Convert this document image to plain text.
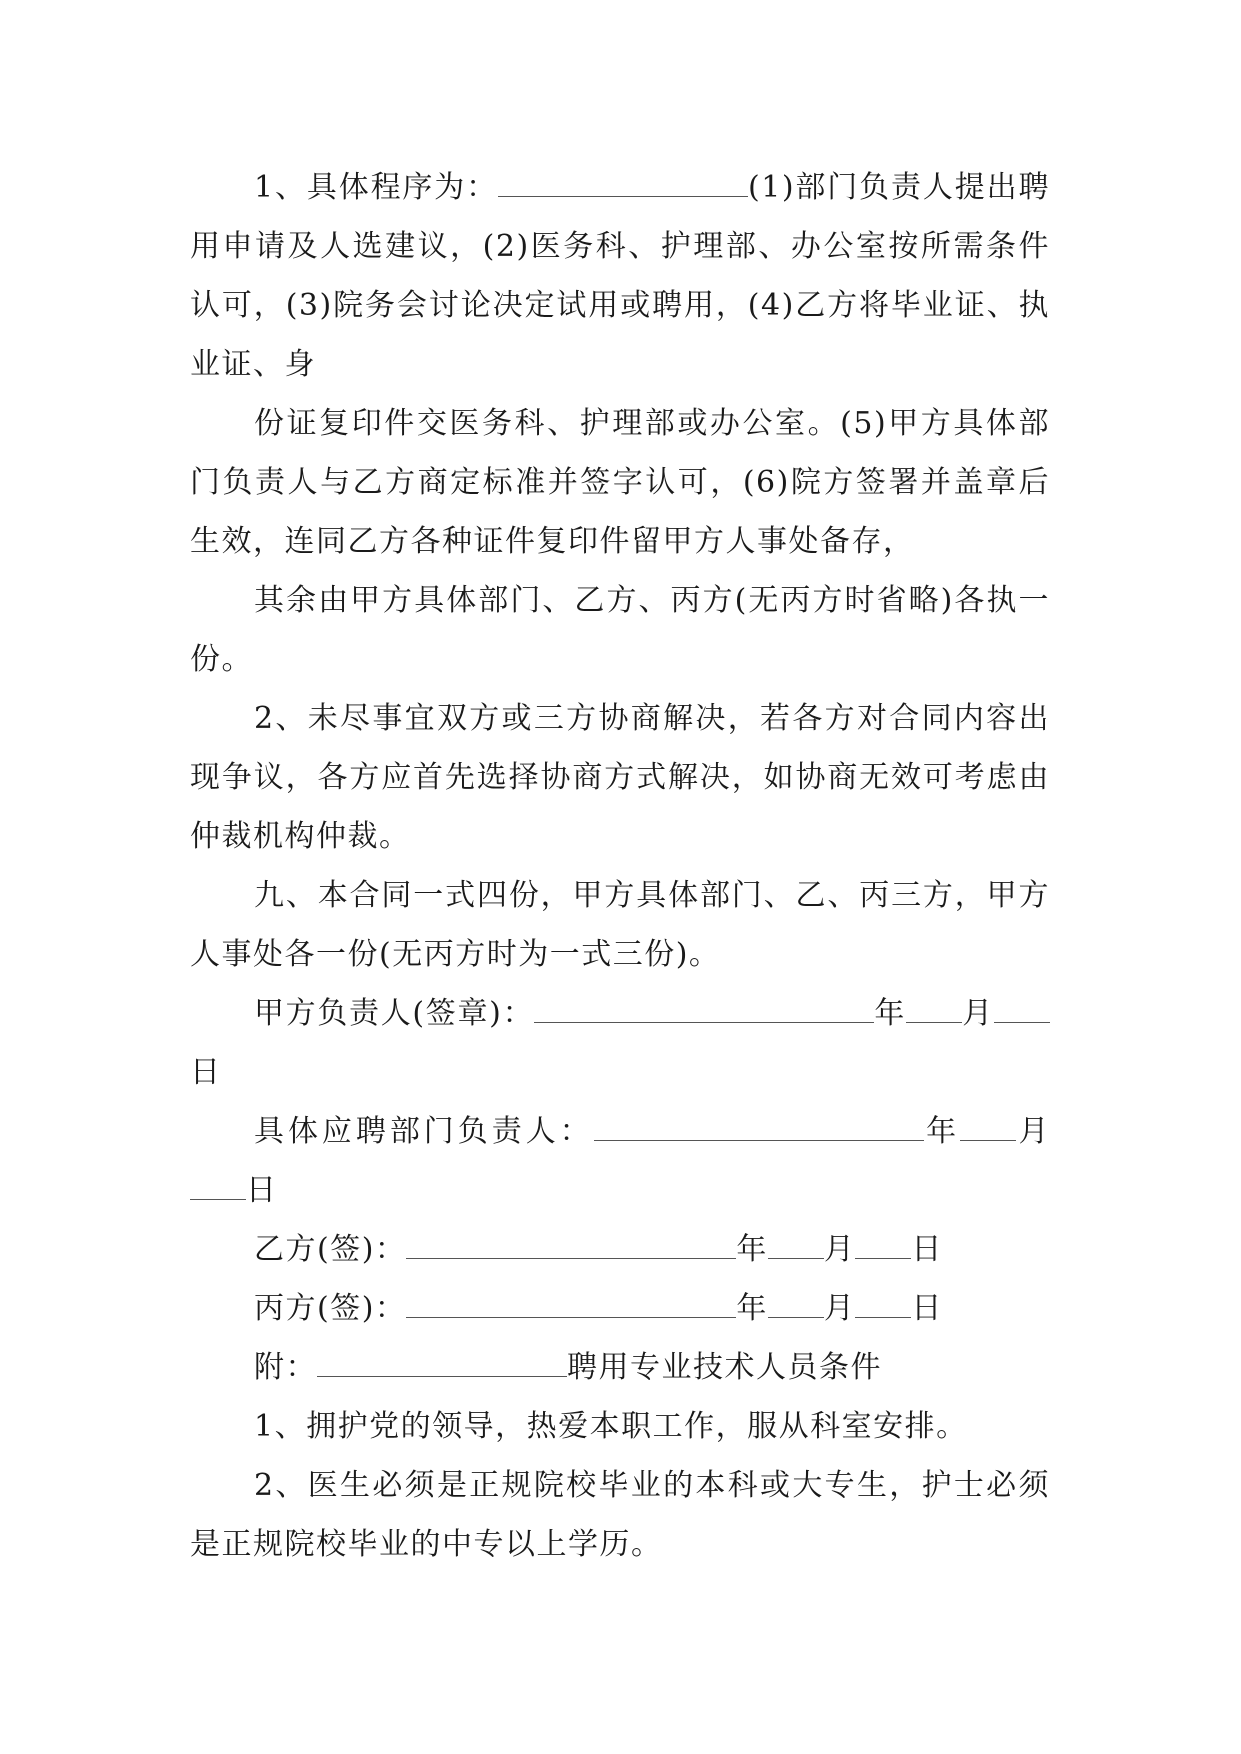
1、具体程序为：	(1)部门负责人提出聘用申请及人选建议，(2)医务科、护理部、办公室按所需条件认可，(3)院务会讨论决定试用或聘用，(4)乙方将毕业证、执业证、身

份证复印件交医务科、护理部或办公室。(5)甲方具体部门负责人与乙方商定标准并签字认可，(6)院方签署并盖章后生效，连同乙方各种证件复印件留甲方人事处备存，

其余由甲方具体部门、乙方、丙方(无丙方时省略)各执一份。

2、未尽事宜双方或三方协商解决，若各方对合同内容出现争议，各方应首先选择协商方式解决，如协商无效可考虑由仲裁机构仲裁。

九、本合同一式四份，甲方具体部门、乙、丙三方，甲方人事处各一份(无丙方时为一式三份)。

甲方负责人(签章)：	年 月日

具体应聘部门负责人：	年 月日

乙方(签)：	年 月 日
丙方(签)：	年 月 日
附：	聘用专业技术人员条件

1、拥护党的领导，热爱本职工作，服从科室安排。

2、医生必须是正规院校毕业的本科或大专生，护士必须是正规院校毕业的中专以上学历。
